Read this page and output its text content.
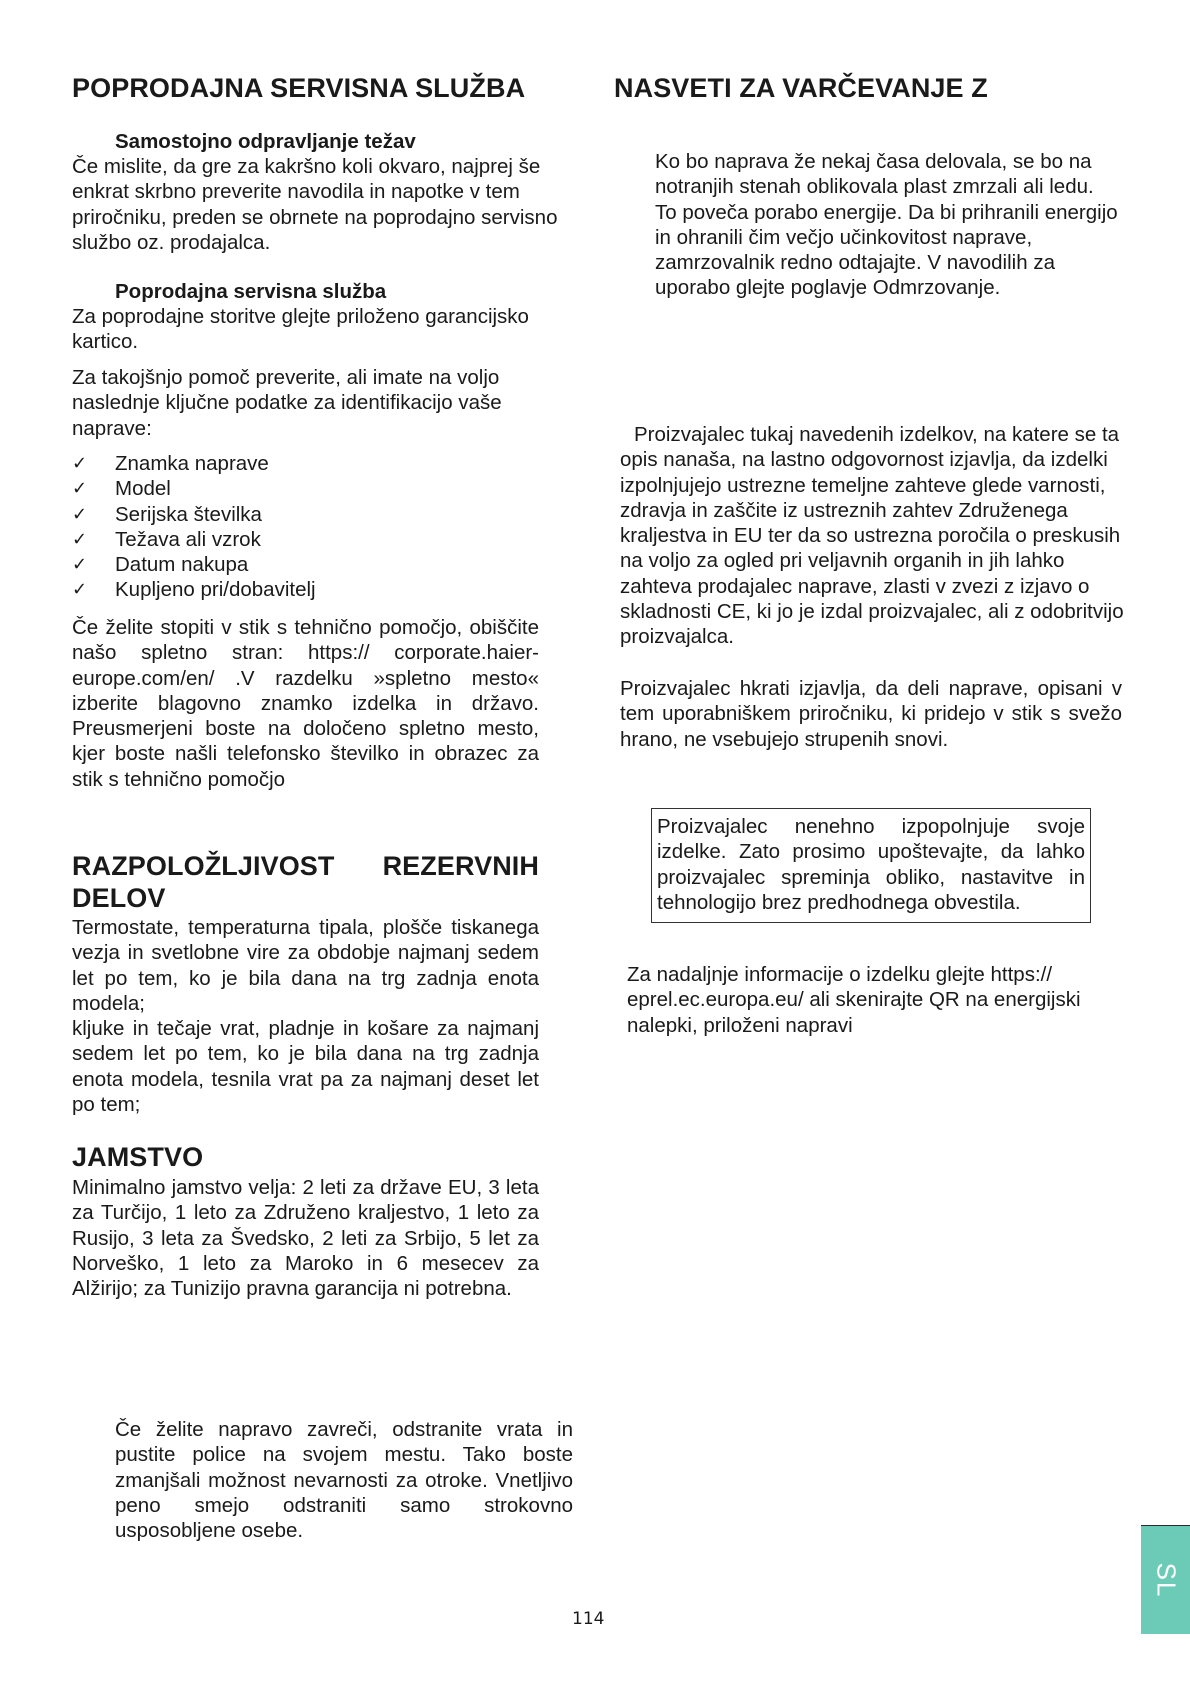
POPRODAJNA SERVISNA SLUŽBA
Samostojno odpravljanje težav

Če mislite, da gre za kakršno koli okvaro, najprej še enkrat skrbno preverite navodila in napotke v tem priročniku, preden se obrnete na poprodajno servisno službo oz. prodajalca.

Poprodajna servisna služba

Za poprodajne storitve glejte priloženo garancijsko kartico.

Za takojšnjo pomoč preverite, ali imate na voljo naslednje ključne podatke za identifikacijo vaše naprave:

✓	Znamka naprave
✓	Model
✓	Serijska številka
✓	Težava ali vzrok
✓	Datum nakupa
✓	Kupljeno pri/dobavitelj

Če želite stopiti v stik s tehnično pomočjo, obiščite našo spletno stran: https:// corporate.haier-europe.com/en/ .V razdelku »spletno mesto« izberite blagovno znamko izdelka in državo. Preusmerjeni boste na določeno spletno mesto, kjer boste našli telefonsko številko in obrazec za stik s tehnično pomočjo

RAZPOLOŽLJIVOST REZERVNIH DELOV

Termostate, temperaturna tipala, plošče tiskanega vezja in svetlobne vire za obdobje najmanj sedem let po tem, ko je bila dana na trg zadnja enota modela;

kljuke in tečaje vrat, pladnje in košare za najmanj sedem let po tem, ko je bila dana na trg zadnja enota modela, tesnila vrat pa za najmanj deset let po tem;

JAMSTVO

Minimalno jamstvo velja: 2 leti za države EU, 3 leta za Turčijo, 1 leto za Združeno kraljestvo, 1 leto za Rusijo, 3 leta za Švedsko, 2 leti za Srbijo, 5 let za Norveško, 1 leto za Maroko in 6 mesecev za Alžirijo; za Tunizijo pravna garancija ni potrebna.

Če želite napravo zavreči, odstranite vrata in pustite police na svojem mestu. Tako boste zmanjšali možnost nevarnosti za otroke. Vnetljivo peno smejo odstraniti samo strokovno usposobljene osebe.

NASVETI ZA VARČEVANJE Z

Ko bo naprava že nekaj časa delovala, se bo na notranjih stenah oblikovala plast zmrzali ali ledu. To poveča porabo energije. Da bi prihranili energijo in ohranili čim večjo učinkovitost naprave, zamrzovalnik redno odtajajte. V navodilih za uporabo glejte poglavje Odmrzovanje.

Proizvajalec tukaj navedenih izdelkov, na katere se ta opis nanaša, na lastno odgovornost izjavlja, da izdelki izpolnjujejo ustrezne temeljne zahteve glede varnosti, zdravja in zaščite iz ustreznih zahtev Združenega kraljestva in EU ter da so ustrezna poročila o preskusih na voljo za ogled pri veljavnih organih in jih lahko zahteva prodajalec naprave, zlasti v zvezi z izjavo o skladnosti CE, ki jo je izdal proizvajalec, ali z odobritvijo proizvajalca.

Proizvajalec hkrati izjavlja, da deli naprave, opisani v tem uporabniškem priročniku, ki pridejo v stik s svežo hrano, ne vsebujejo strupenih snovi.

Proizvajalec nenehno izpopolnjuje svoje izdelke. Zato prosimo upoštevajte, da lahko proizvajalec spreminja obliko, nastavitve in tehnologijo brez predhodnega obvestila.

Za nadaljnje informacije o izdelku glejte https:// eprel.ec.europa.eu/ ali skenirajte QR na energijski nalepki, priloženi napravi

114
SL
